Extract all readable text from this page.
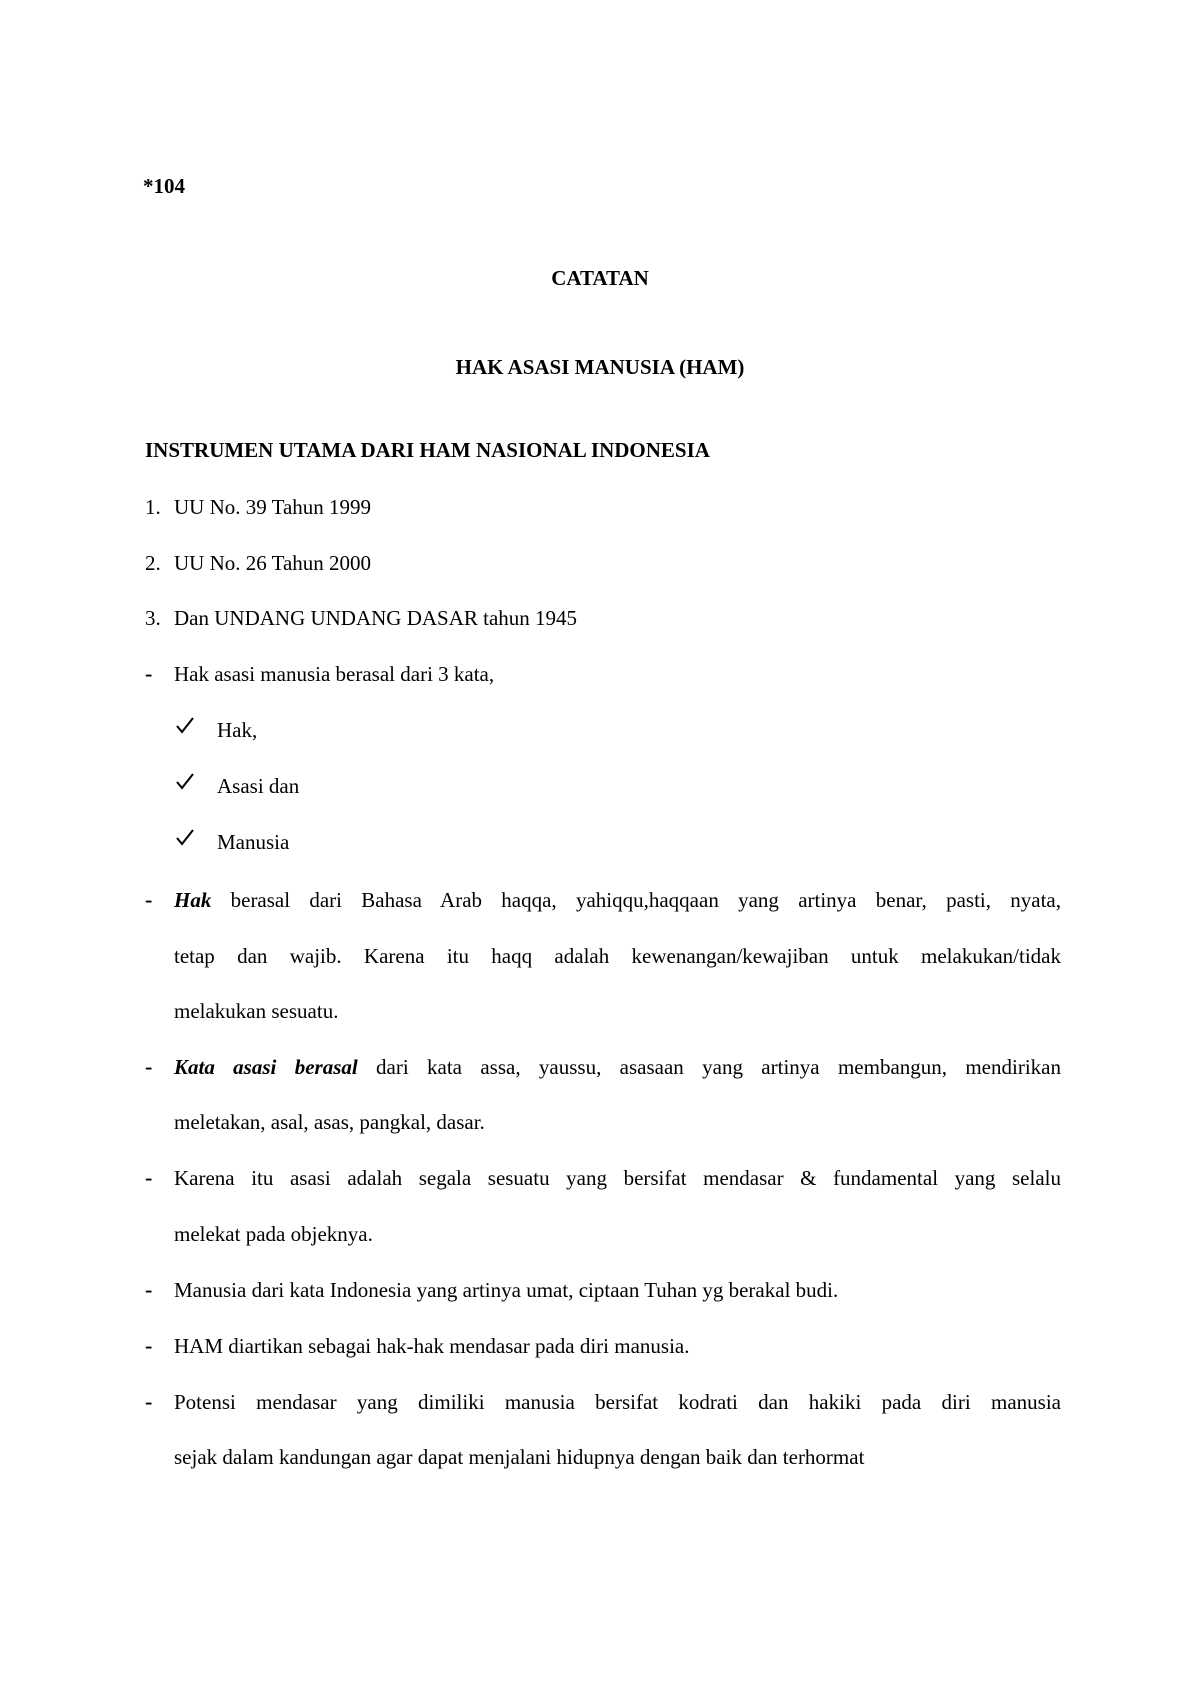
*104
CATATAN
HAK ASASI MANUSIA (HAM)
INSTRUMEN UTAMA DARI HAM NASIONAL INDONESIA
1. UU No. 39 Tahun 1999
2. UU No. 26 Tahun 2000
3. Dan UNDANG UNDANG DASAR tahun 1945
- Hak asasi manusia berasal dari 3 kata,
Hak,
Asasi dan
Manusia
- Hak berasal dari Bahasa Arab haqqa, yahiqqu,haqqaan yang artinya benar, pasti, nyata,
tetap dan wajib. Karena itu haqq adalah kewenangan/kewajiban untuk melakukan/tidak
melakukan sesuatu.
- Kata asasi berasal dari kata assa, yaussu, asasaan yang artinya membangun, mendirikan
meletakan, asal, asas, pangkal, dasar.
- Karena itu asasi adalah segala sesuatu yang bersifat mendasar & fundamental yang selalu
melekat pada objeknya.
- Manusia dari kata Indonesia yang artinya umat, ciptaan Tuhan yg berakal budi.
- HAM diartikan sebagai hak-hak mendasar pada diri manusia.
- Potensi mendasar yang dimiliki manusia bersifat kodrati dan hakiki pada diri manusia
sejak dalam kandungan agar dapat menjalani hidupnya dengan baik dan terhormat
